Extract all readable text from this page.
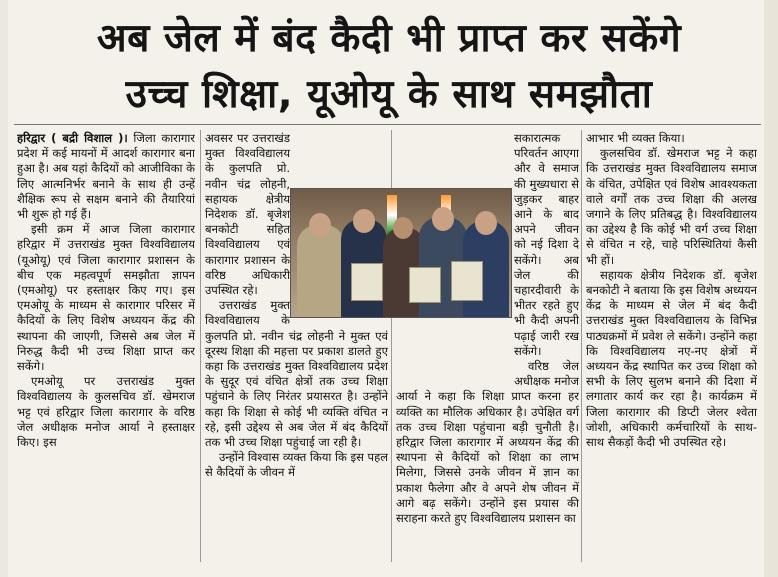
अब जेल में बंद कैदी भी प्राप्त कर सकेंगे
उच्च शिक्षा, यूओयू के साथ समझौता

हरिद्वार ( बद्री विशाल )। जिला कारागार प्रदेश में कई मायनों में आदर्श कारागार बना हुआ है। अब यहां कैदियों को आजीविका के लिए आत्मनिर्भर बनाने के साथ ही उन्हें शैक्षिक रूप से सक्षम बनाने की तैयारियां भी शुरू हो गई हैं।

इसी क्रम में आज जिला कारागार हरिद्वार में उत्तराखंड मुक्त विश्वविद्यालय (यूओयू) एवं जिला कारागार प्रशासन के बीच एक महत्वपूर्ण समझौता ज्ञापन (एमओयू) पर हस्ताक्षर किए गए। इस एमओयू के माध्यम से कारागार परिसर में कैदियों के लिए विशेष अध्ययन केंद्र की स्थापना की जाएगी, जिससे अब जेल में निरुद्ध कैदी भी उच्च शिक्षा प्राप्त कर सकेंगे।

एमओयू पर उत्तराखंड मुक्त विश्वविद्यालय के कुलसचिव डॉ. खेमराज भट्ट एवं हरिद्वार जिला कारागार के वरिष्ठ जेल अधीक्षक मनोज आर्या ने हस्ताक्षर किए। इस

अवसर पर उत्तराखंड मुक्त विश्वविद्यालय के कुलपति प्रो. नवीन चंद्र लोहनी, सहायक क्षेत्रीय निदेशक डॉ. बृजेश बनकोटी सहित विश्वविद्यालय एवं कारागार प्रशासन के वरिष्ठ अधिकारी उपस्थित रहे।

उत्तराखंड मुक्त विश्वविद्यालय के कुलपति प्रो. नवीन चंद्र लोहनी ने मुक्त एवं दूरस्थ शिक्षा की महत्ता पर प्रकाश डालते हुए कहा कि उत्तराखंड मुक्त विश्वविद्यालय प्रदेश के सुदूर एवं वंचित क्षेत्रों तक उच्च शिक्षा पहुंचाने के लिए निरंतर प्रयासरत है। उन्होंने कहा कि शिक्षा से कोई भी व्यक्ति वंचित न रहे, इसी उद्देश्य से अब जेल में बंद कैदियों तक भी उच्च शिक्षा पहुंचाई जा रही है।

उन्होंने विश्वास व्यक्त किया कि इस पहल से कैदियों के जीवन में

सकारात्मक परिवर्तन आएगा और वे समाज की मुख्यधारा से जुड़कर बाहर आने के बाद अपने जीवन को नई दिशा दे सकेंगे। अब जेल की चहारदीवारी के भीतर रहते हुए भी कैदी अपनी पढ़ाई जारी रख सकेंगे।

वरिष्ठ जेल अधीक्षक मनोज आर्या ने कहा कि शिक्षा प्राप्त करना हर व्यक्ति का मौलिक अधिकार है। उपेक्षित वर्ग तक उच्च शिक्षा पहुंचाना बड़ी चुनौती है। हरिद्वार जिला कारागार में अध्ययन केंद्र की स्थापना से कैदियों को शिक्षा का लाभ मिलेगा, जिससे उनके जीवन में ज्ञान का प्रकाश फैलेगा और वे अपने शेष जीवन में आगे बढ़ सकेंगे। उन्होंने इस प्रयास की सराहना करते हुए विश्वविद्यालय प्रशासन का

आभार भी व्यक्त किया।

कुलसचिव डॉ. खेमराज भट्ट ने कहा कि उत्तराखंड मुक्त विश्वविद्यालय समाज के वंचित, उपेक्षित एवं विशेष आवश्यकता वाले वर्गों तक उच्च शिक्षा की अलख जगाने के लिए प्रतिबद्ध है। विश्वविद्यालय का उद्देश्य है कि कोई भी वर्ग उच्च शिक्षा से वंचित न रहे, चाहे परिस्थितियां कैसी भी हों।

सहायक क्षेत्रीय निदेशक डॉ. बृजेश बनकोटी ने बताया कि इस विशेष अध्ययन केंद्र के माध्यम से जेल में बंद कैदी उत्तराखंड मुक्त विश्वविद्यालय के विभिन्न पाठ्यक्रमों में प्रवेश ले सकेंगे। उन्होंने कहा कि विश्वविद्यालय नए-नए क्षेत्रों में अध्ययन केंद्र स्थापित कर उच्च शिक्षा को सभी के लिए सुलभ बनाने की दिशा में लगातार कार्य कर रहा है। कार्यक्रम में जिला कारागार की डिप्टी जेलर श्वेता जोशी, अधिकारी कर्मचारियों के साथ-साथ सैकड़ों कैदी भी उपस्थित रहे।
